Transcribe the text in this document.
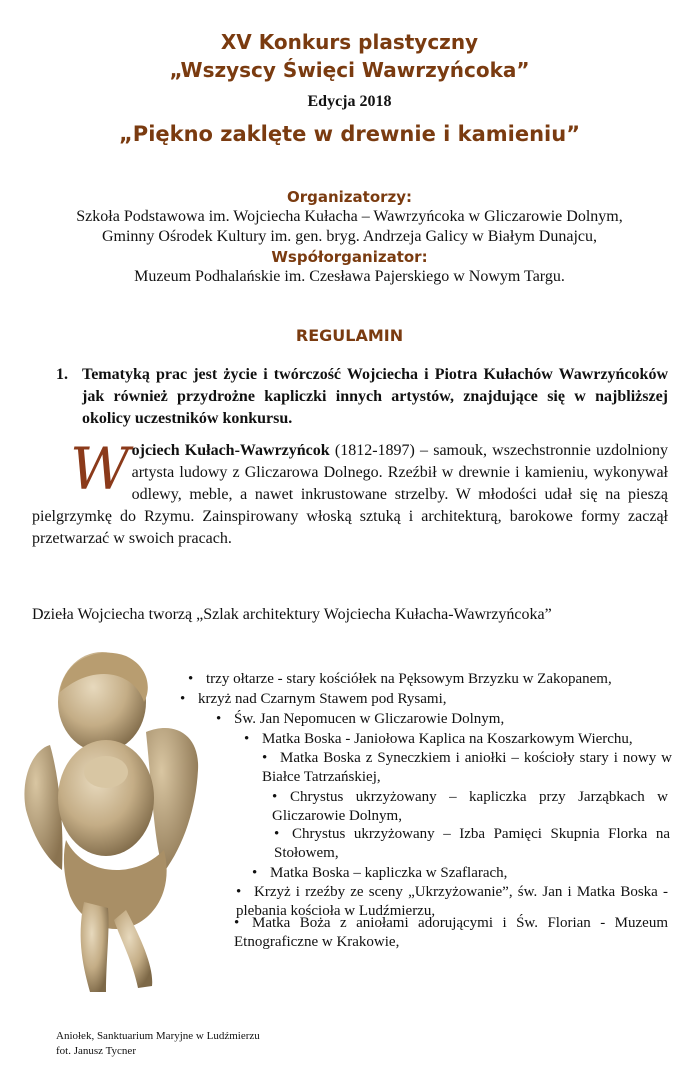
XV Konkurs plastyczny
„Wszyscy Święci Wawrzyńcoka”
Edycja 2018
„Piękno zaklęte w drewnie i kamieniu”
Organizatorzy:
Szkoła Podstawowa im. Wojciecha Kułacha – Wawrzyńcoka w Gliczarowie Dolnym,
Gminny Ośrodek Kultury im. gen. bryg. Andrzeja Galicy w Białym Dunajcu,
Współorganizator:
Muzeum Podhalańskie im. Czesława Pajerskiego w Nowym Targu.
REGULAMIN
1. Tematyką prac jest życie i twórczość Wojciecha i Piotra Kułachów Wawrzyńcoków jak również przydrożne kapliczki innych artystów, znajdujące się w najbliższej okolicy uczestników konkursu.
Wojciech Kułach-Wawrzyńcok (1812-1897) – samouk, wszechstronnie uzdolniony artysta ludowy z Gliczarowa Dolnego. Rzeźbił w drewnie i kamieniu, wykonywał odlewy, meble, a nawet inkrustowane strzelby. W młodości udał się na pieszą pielgrzymkę do Rzymu. Zainspirowany włoską sztuką i architekturą, barokowe formy zaczął przetwarzać w swoich pracach.
Dzieła Wojciecha tworzą „Szlak architektury Wojciecha Kułacha-Wawrzyńcoka”
• trzy ołtarze - stary kościółek na Pęksowym Brzyzku w Zakopanem,
• krzyż nad Czarnym Stawem pod Rysami,
• Św. Jan Nepomucen w Gliczarowie Dolnym,
• Matka Boska - Janiołowa Kaplica na Koszarkowym Wierchu,
• Matka Boska z Syneczkiem i aniołki – kościoły stary i nowy w Białce Tatrzańskiej,
• Chrystus ukrzyżowany – kapliczka przy Jarząbkach w Gliczarowie Dolnym,
• Chrystus ukrzyżowany – Izba Pamięci Skupnia Florka na Stołowem,
• Matka Boska – kapliczka w Szaflarach,
• Krzyż i rzeźby ze sceny „Ukrzyżowanie”, św. Jan i Matka Boska -plebania kościoła w Ludźmierzu,
• Matka Boża z aniołami adorującymi i Św. Florian - Muzeum Etnograficzne w Krakowie,
Aniołek, Sanktuarium Maryjne w Ludźmierzu
fot. Janusz Tycner
